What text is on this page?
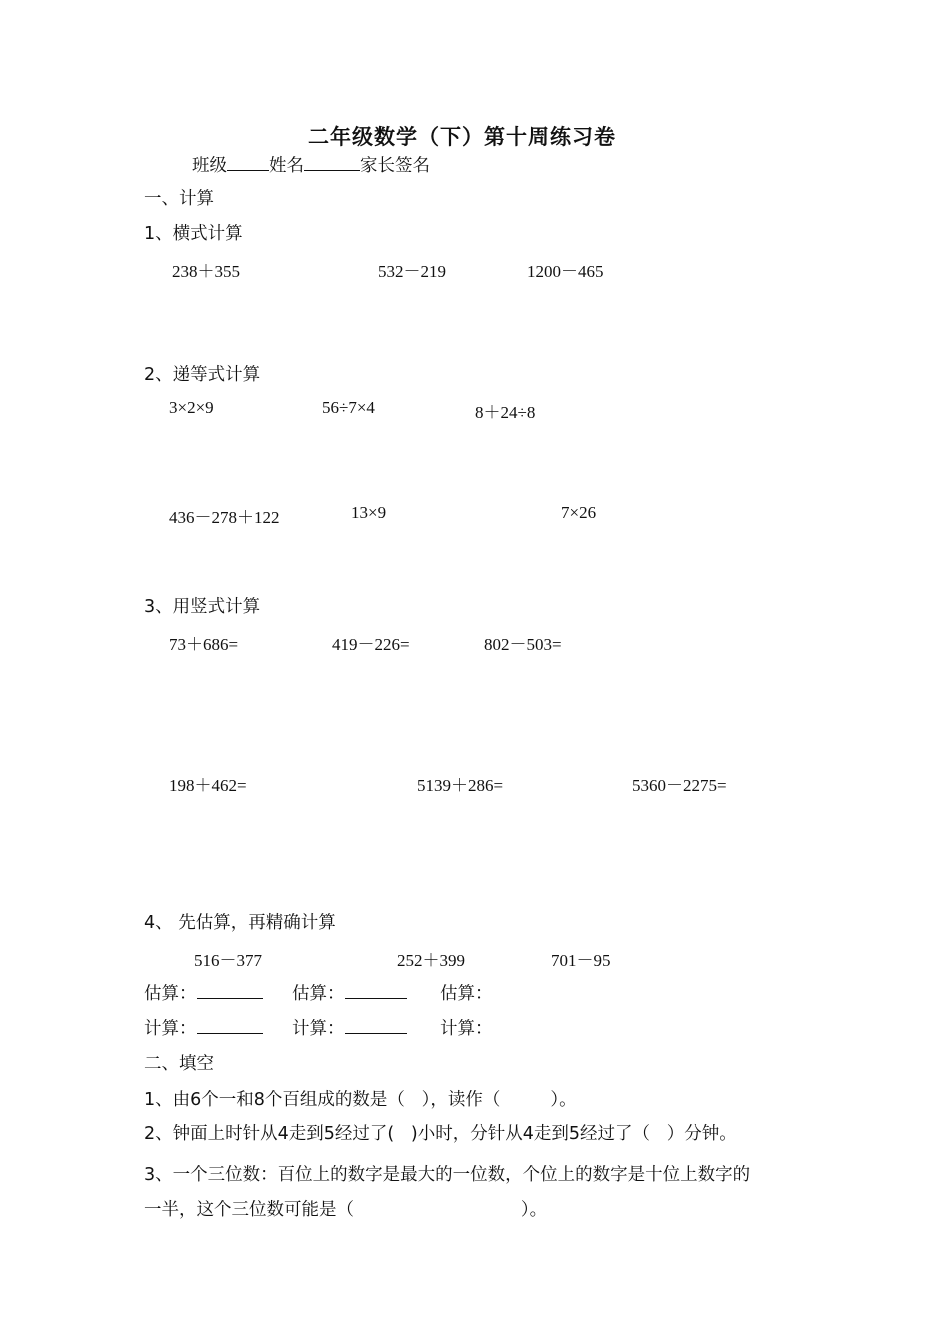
二年级数学（下）第十周练习卷
班级 姓名	家长签名
一、计算
1、横式计算
238＋355	532－219	1200－465
2、递等式计算
3×2×9	56÷7×4	8＋24÷8
436－278＋122	13×9	7×26
3、用竖式计算
73＋686=	419－226=	802－503=
198＋462=	5139＋286=	5360－2275=
4、 先估算，再精确计算
516－377	252＋399	701－95
估算：	估算：	估算：
计算：	计算：	计算：
二、填空
1、由6个一和8个百组成的数是（   ），读作（         ）。
2、钟面上时针从4走到5经过了(   )小时，分针从4走到5经过了（   ）分钟。
3、一个三位数：百位上的数字是最大的一位数，个位上的数字是十位上数字的
一半，这个三位数可能是（                              ）。
